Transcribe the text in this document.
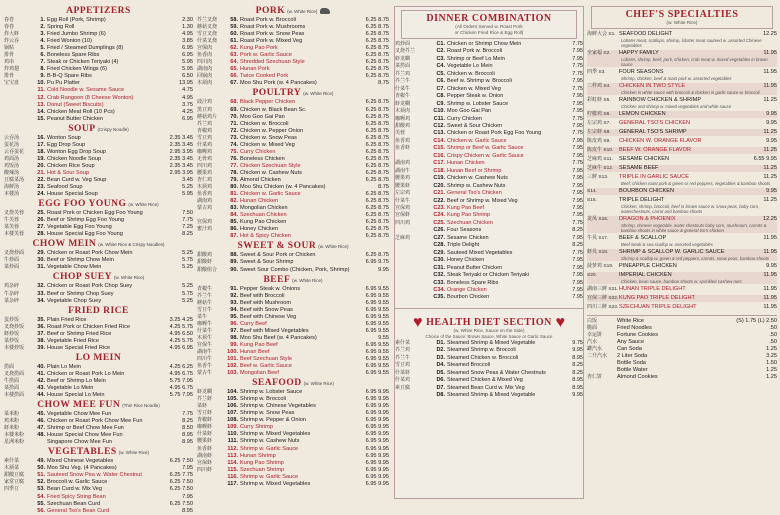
APPETIZERS
春卷	1. Egg Roll (Pork, Shrimp)	2.30
春卷	2. Spring Roll	1.30
炸大虾	3. Fried Jumbo Shrimp (6)	4.95
炸云吞	4. Fried Wonton (10)	3.85
锅贴	5. Fried / Steamed Dumplings (8)	6.95
排骨	6. Boneless Spare Ribs	6.95
鸡串	7. Steak or Chicken Teriyaki (4)	5.95
炸鸡翅	8. Fried Chicken Wings (6)	5.95
排骨	9. B-B-Q Spare Ribs	6.50
宝宝盘	10. Pu Pu Platter	13.95
11. Cold Noodle w. Sesame Sauce	4.75
12. Crab Rangoon (8 Cheese Wonton)	4.95
13. Donut (Sweet Biscuits)	3.75
14. Chicken Meat Roll (10 Pcs)	4.25
15. Peanut Butter Chicken	6.95
SOUP (Crispy Noodle)
云吞汤	16. Wonton Soup	2.35 3.45
蛋花汤	17. Egg Drop Soup	2.35 3.45
云吞蛋花	18. Wonton Egg Drop Soup	2.95 3.95
鸡面汤	19. Chicken Noodle Soup	2.35 3.45
鸡饭汤	20. Chicken Rice Soup	2.35 3.45
酸辣汤	21. Hot & Sour Soup	2.95 3.95
豆腐菜汤	22. Bean Curd w. Veg Soup	3.45
海鲜汤	23. Seafood Soup	5.25
本楼汤	24. House Special Soup	5.95
EGG FOO YOUNG (w. White Rice)
叉烧芙蓉	25. Roast Pork or Chicken Egg Foo Young	7.50
牛芙蓉	26. Beef or Shrimp Egg Foo Young	7.75
菜芙蓉	27. Vegetable Egg Foo Young	7.25
本楼芙蓉	28. House Special Egg Foo Young	8.25
CHOW MEIN (w. White Rice & Crispy Noodles)
叉烧炒面	29. Chicken or Roast Pork Chow Mein	5.25
牛炒面	30. Beef or Shrimp Chow Mein	5.75
菜炒面	31. Vegetable Chow Mein	5.25
CHOP SUEY (w. White Rice)
鸡杂碎	32. Chicken or Roast Pork Chop Suey	5.25
牛杂碎	33. Beef or Shrimp Chop Suey	5.75
菜杂碎	34. Vegetable Chop Suey	5.25
FRIED RICE
蛋炒饭	35. Plain Fried Rice	3.25 4.25
叉烧炒饭	36. Roast Pork or Chicken Fried Rice	4.25 5.75
虾炒饭	37. Beef or Shrimp Fried Rice	4.95 6.50
菜炒饭	38. Vegetable Fried Rice	4.25 5.75
本楼炒饭	39. House Special Fried Rice	4.95 6.95
LO MEIN
捞面	40. Plain Lo Mein	4.25 6.25
叉烧捞面	41. Chicken or Roast Pork Lo Mein	4.95 6.75
牛捞面	42. Beef or Shrimp Lo Mein	5.75 7.95
菜捞面	43. Vegetable Lo Mein	4.95 6.75
本楼捞面	44. House Special Lo Mein	5.75 7.95
CHOW MEE FUN (Thin Rice Noodle)
菜米粉	45. Vegetable Chow Mee Fun	7.75
鸡米粉	46. Chicken or Roast Pork Chow Mee Fun	8.25
虾米粉	47. Shrimp or Beef Chow Mee Fun	8.50
本楼米粉	48. House Special Chow Mee Fun	8.95
星洲米粉	Singapore Chow Mee Fun	8.95
VEGETABLES (w. White Rice)
素什菜	49. Mixed Chinese Vegetables	6.25 7.50
木须菜	50. Moo Shu Veg. (4 Pancakes)	7.95
甜酸豆腐	51. Sauteed Snow Pea w. Water Chestnut	6.25 7.75
家常豆腐	52. Broccoli w. Garlic Sauce	6.25 7.50
四季豆	53. Bean Curd w. Mix Veg	6.25 7.50
54. Fried Spicy String Bean	7.95
55. Szechuan Bean Curd	6.25 7.50
56. General Tso's Bean Curd	8.95
PORK (w. White Rice)
芥兰叉烧	58. Roast Pork w. Broccoli	6.25 8.75
蘑菇叉烧	59. Roast Pork w. Mushrooms	6.25 8.75
雪豆叉烧	60. Roast Pork w. Snow Peas	6.25 8.75
什菜叉烧	61. Roast Pork w. Mixed Veg	6.25 8.75
宫保肉	62. Kung Pao Pork	6.25 8.75
鱼香肉	63. Pork w. Garlic Sauce	6.25 8.75
四川肉	64. Shredded Szechuan Style	6.25 8.75
湖南肉	65. Hunan Pork	6.25 8.75
回锅肉	66. Twice Cooked Pork	6.25 8.75
木须肉	67. Moo Shu Pork (w. 4 Pancakes)	8.75
POULTRY (w. White Rice)
豉汁鸡	68. Black Pepper Chicken	6.25 8.75
黑豆鸡	69. Chicken w. Black Bean Sc.	6.25 8.75
蘑菇鸡片	70. Moo Goo Gai Pan	6.25 8.75
芥兰鸡	71. Chicken w. Broccoli	6.25 8.75
青椒鸡	72. Chicken w. Pepper Onion	6.25 8.75
雪豆鸡	73. Chicken w. Snow Peas	6.25 8.75
什菜鸡	74. Chicken w. Mixed Veg	6.25 8.75
咖喱鸡	75. Curry Chicken	6.25 8.75
无骨鸡	76. Boneless Chicken	6.25 8.75
四川鸡	77. Chicken Szechuan Style	6.25 8.75
腰果鸡	78. Chicken w. Cashew Nuts	6.25 8.75
杏仁鸡	79. Almond Chicken	6.25 8.75
木须鸡	80. Moo Shu Chicken (w. 4 Pancakes)	8.75
鱼香鸡	81. Chicken w. Garlic Sauce	6.25 8.75
湖南鸡	82. Hunan Chicken	6.25 8.75
蒙古鸡	83. Mongolian Chicken	6.25 8.75
84. Szechuan Chicken	6.25 8.75
宫保鸡	85. Kung Pao Chicken	6.25 8.75
蜜汁鸡	86. Honey Chicken	6.25 8.75
87. Hot & Spicy Chicken	6.25 8.75
SWEET & SOUR (w. White Rice)
甜酸鸡	88. Sweet & Sour Pork or Chicken	6.25 8.75
甜酸虾	89. Sweet & Sour Shrimp	6.95 9.75
甜酸组合	90. Sweet Sour Combo (Chicken, Pork, Shrimp)	9.95
BEEF (w. White Rice)
青椒牛	91. Pepper Steak w. Onions	6.95 9.55
芥兰牛	92. Beef with Broccoli	6.95 9.55
蘑菇牛	93. Beef with Mushroom	6.95 9.55
雪豆牛	94. Beef with Snow Peas	6.95 9.55
菜牛	95. Beef with Chinese Veg	6.95 9.55
咖喱牛	96. Curry Beef	6.95 9.55
什菜牛	97. Beef with Mixed Vegetables	6.95 9.55
木须牛	98. Moo Shu Beef (w. 4 Pancakes)	9.55
宫保牛	99. Kung Pao Beef	6.95 9.55
湖南牛	100. Hunan Beef	6.95 9.55
四川牛	101. Beef Szechuan Style	6.95 9.55
鱼香牛	102. Beef w. Garlic Sauce	6.95 9.55
蒙古牛	103. Mongolian Beef	6.95 9.55
SEAFOOD (w. White Rice)
虾龙糊	104. Shrimp w. Lobster Sauce	6.95 9.95
芥兰虾	105. Shrimp w. Broccoli	6.95 9.95
菜虾	106. Shrimp w. Chinese Vegetables	6.95 9.95
雪豆虾	107. Shrimp w. Snow Peas	6.95 9.95
青椒虾	108. Shrimp w. Pepper & Onion	6.95 9.95
咖喱虾	109. Curry Shrimp	6.95 9.95
什菜虾	110. Shrimp w. Mixed Vegetables	6.95 9.95
腰果虾	111. Shrimp w. Cashew Nuts	6.95 9.95
鱼香虾	112. Shrimp w. Garlic Sauce	6.95 9.95
湖南虾	113. Hunan Shrimp	6.95 9.95
宫保虾	114. Kung Pao Shrimp	6.95 9.95
四川虾	115. Szechuan Shrimp	6.95 9.95
116. Shrimp w. Garlic Sauce	6.95 9.95
117. Shrimp w. Mixed Vegetables	6.95 9.95
DINNER COMBINATION
(All Orders Served w. Roast Pork
or Chicken Fried Rice & Egg Roll)
鸡炒面	C1. Chicken or Shrimp Chow Mein	7.75
叉烧芥兰	C2. Roast Pork w. Broccoli	7.95
虾龙糊	C3. Shrimp or Beef Lo Mein	7.95
菜捞面	C4. Vegetable Lo Mein	7.75
芥兰鸡	C5. Chicken w. Broccoli	7.75
芥兰牛	C6. Beef w. Shrimp w. Broccoli	7.95
什菜牛	C7. Chicken w. Mixed Veg	7.75
青椒牛	C8. Pepper Steak w. Onion	7.95
虾龙糊	C9. Shrimp w. Lobster Sauce	7.95
木须肉	C10. Moo Goo Gai Pan	7.95
咖喱鸡	C11. Curry Chicken	7.75
甜酸鸡	C12. Sweet & Sour Chicken	7.95
芙蓉	C13. Chicken or Roast Pork Egg Foo Young	7.75
鱼香鸡	C14. Chicken w. Garlic Sauce	7.95
鱼香虾	C15. Shrimp or Beef w. Garlic Sauce	7.95
C16. Crispy Chicken w. Garlic Sauce	7.95
湖南鸡	C17. Hunan Chicken	7.75
湖南牛	C18. Hunan Beef or Shrimp	7.95
腰果鸡	C19. Chicken w. Cashew Nuts	7.95
腰果虾	C20. Shrimp w. Cashew Nuts	7.95
左宗鸡	C21. General Tso's Chicken	7.95
什菜牛	C22. Beef or Shrimp w. Mixed Veg	7.95
宫保鸡	C23. Kung Pao Beef	7.95
宫保虾	C24. Kung Pao Shrimp	7.95
四川鸡	C25. Szechuan Chicken	7.75
C26. Four Seasons	8.25
芝麻鸡	C27. Sesame Chicken	7.95
C28. Triple Delight	8.25
C29. Sauteed Mixed Vegetables	7.75
C30. Honey Chicken	7.95
C31. Peanut Butter Chicken	7.95
C32. Steak Teriyaki or Chicken Teriyaki	7.95
C33. Boneless Spare Ribs	7.95
C34. Orange Chicken	7.95
C35. Bourbon Chicken	7.95
♥	♥
HEALTH DIET SECTION
(w. White Rice, Sauce on the Side)
Choice of the Sauce: Brown Sauce, White Sauce or Garlic Sauce
素什菜	D1. Steamed Shrimp & Mixed Vegetable	9.75
芥兰鸡	D2. Steamed Shrimp w. Broccoli	9.95
芥兰牛	D3. Steamed Chicken w. Broccoli	8.95
雪豆鸡	D4. Steamed Broccoli	8.25
什菜虾	D5. Steamed Snow Peas & Water Chestnuts	8.25
什菜鸡	D6. Steamed Chicken & Mixed Veg	8.95
素豆腐	D7. Steamed Bean Curd w. Mix Veg	8.95
D8. Steamed Shrimp & Mixed Vegetable	9.95
CHEF'S SPECIALTIES
(w. White Rice)
海鲜大会 S1. SEAFOOD DELIGHT	12.25
Lobster meat, scallops, shrimp, lobster meat sauteed w. assorted Chinese vegetables
全家福 S2.	HAPPY FAMILY	11.95
Lobster, shrimp, beef, pork, chicken, crab meat w. mixed vegetables in brown sauce
四季 S3.	FOUR SEASONS	11.95
Shrimp, chicken, beef & roast pork w. assorted vegetables
二样鸡 S4.	CHICKEN IN TWO STYLE	11.95
Chicken in white sauce with broccoli & chicken in garlic sauce w. broccoli
彩虹虾 S5.	RAINBOW CHICKEN & SHRIMP	11.25
Chicken and shrimp w. mixed vegetables and white sauce
柠檬鸡 S6.	LEMON CHICKEN	9.95
左宗鸡 S7.	GENERAL TSO'S CHICKEN	9.95
左宗虾 S8.	GENERAL TSO'S SHRIMP	11.25
陈皮鸡 S9.	CHICKEN W. ORANGE FLAVOR	9.95
陈皮牛 S10.	BEEF W. ORANGE FLAVOR	11.25
芝麻鸡 S11.	SESAME CHICKEN	6.55 9.95
芝麻牛 S12.	SESAME BEEF	11.25
三鲜 S13.	TRIPLE IN GARLIC SAUCE	11.25
Beef, chicken roast pork & green or red peppers, vegetables & bamboo shoots
S14.	BOURBON CHICKEN	9.95
S15.	TRIPLE DELIGHT	11.25
Chicken, shrimp, broccoli, beef in brown sauce w. snow peas, baby corn, waterchestnuts, carrot and bamboo shoots
龙凤 S16.	DRAGON & PHOENIX	12.25
Shrimp, chinese vegetable, water chestnuts baby corn, mushroom, carrots & bamboo shoots in white sauce & general tso's chicken
牛贝 S17.	BEEF & SCALLOP	11.95
Beef steak & sea scallop w. assorted vegetables
虾贝 S18.	SHRIMP & SCALLOP W. GARLIC SAUCE	11.95
Shrimp & scallop w. green & red peppers, carrots, snow peas, bamboo shoots
菠萝鸡 S19.	PINEAPPLE CHICKEN	9.95
S20.	IMPERIAL CHICKEN	11.95
Chicken, bean sauce, bamboo shoots w. sprinkled cashew nuts
湖南三鲜 S21. HUNAN TRIPLE DELIGHT	11.95
宫保三鲜 S22. KUNG PAO TRIPLE DELIGHT	11.95
四川三鲜 S23. SZECHUAN TRIPLE DELIGHT	11.95
白饭	White Rice	(S) 1.75 (L) 2.50
脆面	Fried Noodles	.50
幸运饼	Fortune Cookies	.50
汽水	Any Sauce	.50
罐汽水	Can Soda	1.25
二升汽水	2 Liter Soda	3.25
Bottle Soda	1.50
Bottle Water	1.25
杏仁饼	Almond Cookies	1.25
